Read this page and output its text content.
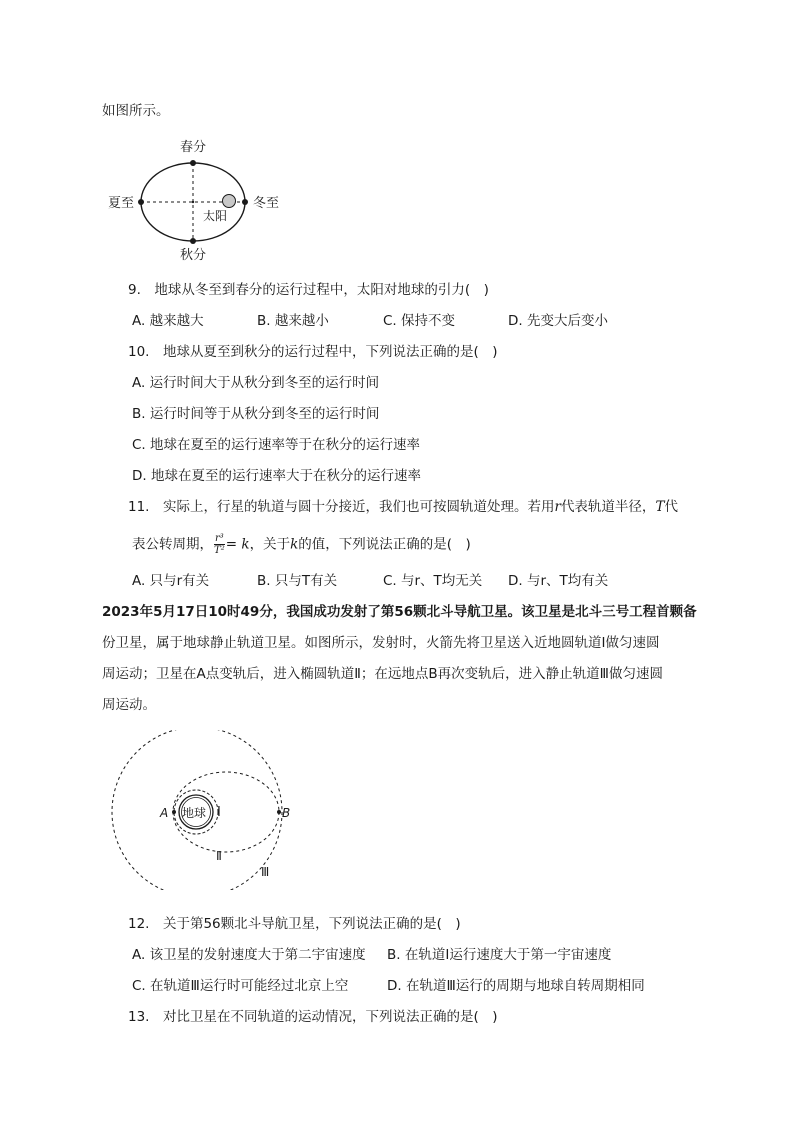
如图所示。
春分
夏至	冬至
太阳
秋分
9.　地球从冬至到春分的运行过程中，太阳对地球的引力(　)
A. 越来越大	B. 越来越小	C. 保持不变	D. 先变大后变小
10.　地球从夏至到秋分的运行过程中，下列说法正确的是(　)
A. 运行时间大于从秋分到冬至的运行时间
B. 运行时间等于从秋分到冬至的运行时间
C. 地球在夏至的运行速率等于在秋分的运行速率
D. 地球在夏至的运行速率大于在秋分的运行速率
11.　实际上，行星的轨道与圆十分接近，我们也可按圆轨道处理。若用r代表轨道半径，T代
表公转周期， $\frac{\text{r³}}{\text{T²}} = k$，关于k的值，下列说法正确的是(　)
A. 只与r有关	B. 只与T有关	C. 与r、T均无关 D. 与r、T均有关
2023年5月17日10时49分，我国成功发射了第56颗北斗导航卫星。该卫星是北斗三号工程首颗备
份卫星，属于地球静止轨道卫星。如图所示，发射时，火箭先将卫星送入近地圆轨道Ⅰ做匀速圆
周运动；卫星在A点变轨后，进入椭圆轨道Ⅱ；在远地点B再次变轨后，进入静止轨道Ⅲ做匀速圆
周运动。
地球
A	B
Ⅰ
Ⅱ
Ⅲ
12.　关于第56颗北斗导航卫星，下列说法正确的是(　)
A. 该卫星的发射速度大于第二宇宙速度 B. 在轨道Ⅰ运行速度大于第一宇宙速度
C. 在轨道Ⅲ运行时可能经过北京上空	D. 在轨道Ⅲ运行的周期与地球自转周期相同
13.　对比卫星在不同轨道的运动情况，下列说法正确的是(　)
